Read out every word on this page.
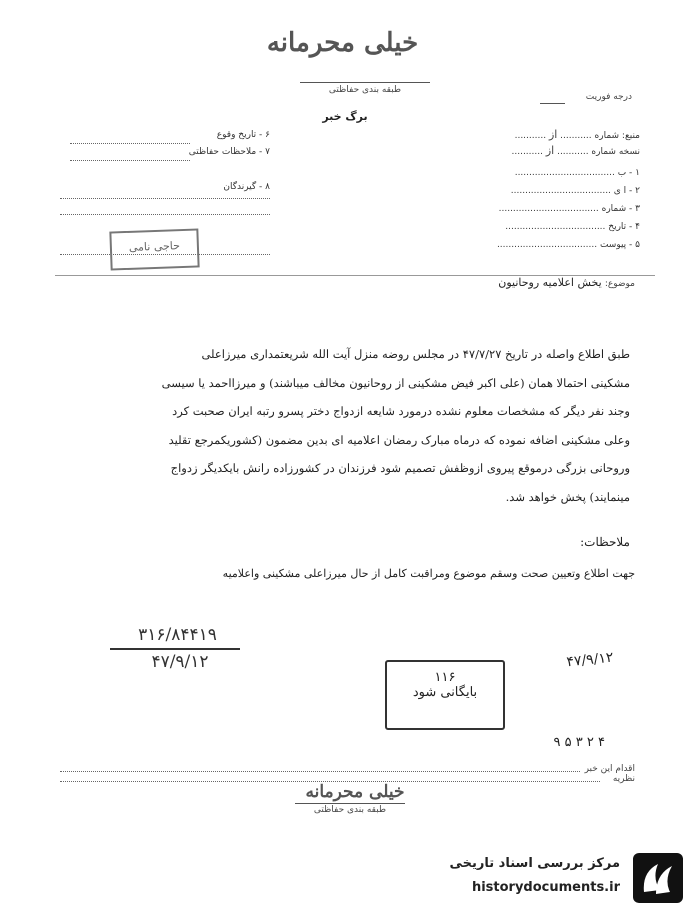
خیلی محرمانه
طبقه بندی حفاظتی
درجه فوریت
برگ خبر
منبع: شماره ........... از ...........
نسخه شماره ........... از ...........
۱ - ب ...................................
۲ - ا ی ...................................
۳ - شماره ...................................
۴ - تاریخ ...................................
۵ - پیوست ...................................
۶ - تاریخ وقوع
۷ - ملاحظات حفاظتی
۸ - گیرندگان
حاجی نامی
موضوع: یخش اعلامیه روحانیون
طبق اطلاع واصله در تاریخ ۴۷/۷/۲۷ در مجلس روضه منزل آیت الله شریعتمداری میرزاعلی
مشکینی احتمالا همان (علی اکبر فیض مشکینی از روحانیون مخالف میباشند) و میرزااحمد یا سیسی
وجند نفر دیگر که مشخصات معلوم نشده درمورد شایعه ازدواج دختر پسرو رتبه ایران صحبت کرد
وعلی مشکینی اضافه نموده که درماه مبارک رمضان اعلامیه ای بدین مضمون (کشوریکمرجع تقلید
وروحانی بزرگی درموقع پیروی ازوظفش تصمیم شود فرزندان در کشورزاده رانش بایکدیگر زدواج
مینمایند) پخش خواهد شد.
ملاحظات:
جهت اطلاع وتعیین صحت وسقم موضوع ومراقبت کامل از حال میرزاعلی مشکینی واعلامیه
۳۱۶/۸۴۴۱۹
۴۷/۹/۱۲	۴۷/۹/۱۲
۱۱۶
بایگانی شود
۹ ۵ ۳ ۲ ۴
اقدام این خبر
نظریه
خیلی محرمانه
طبقه بندی حفاظتی
مرکز بررسی اسناد تاریخی
historydocuments.ir
